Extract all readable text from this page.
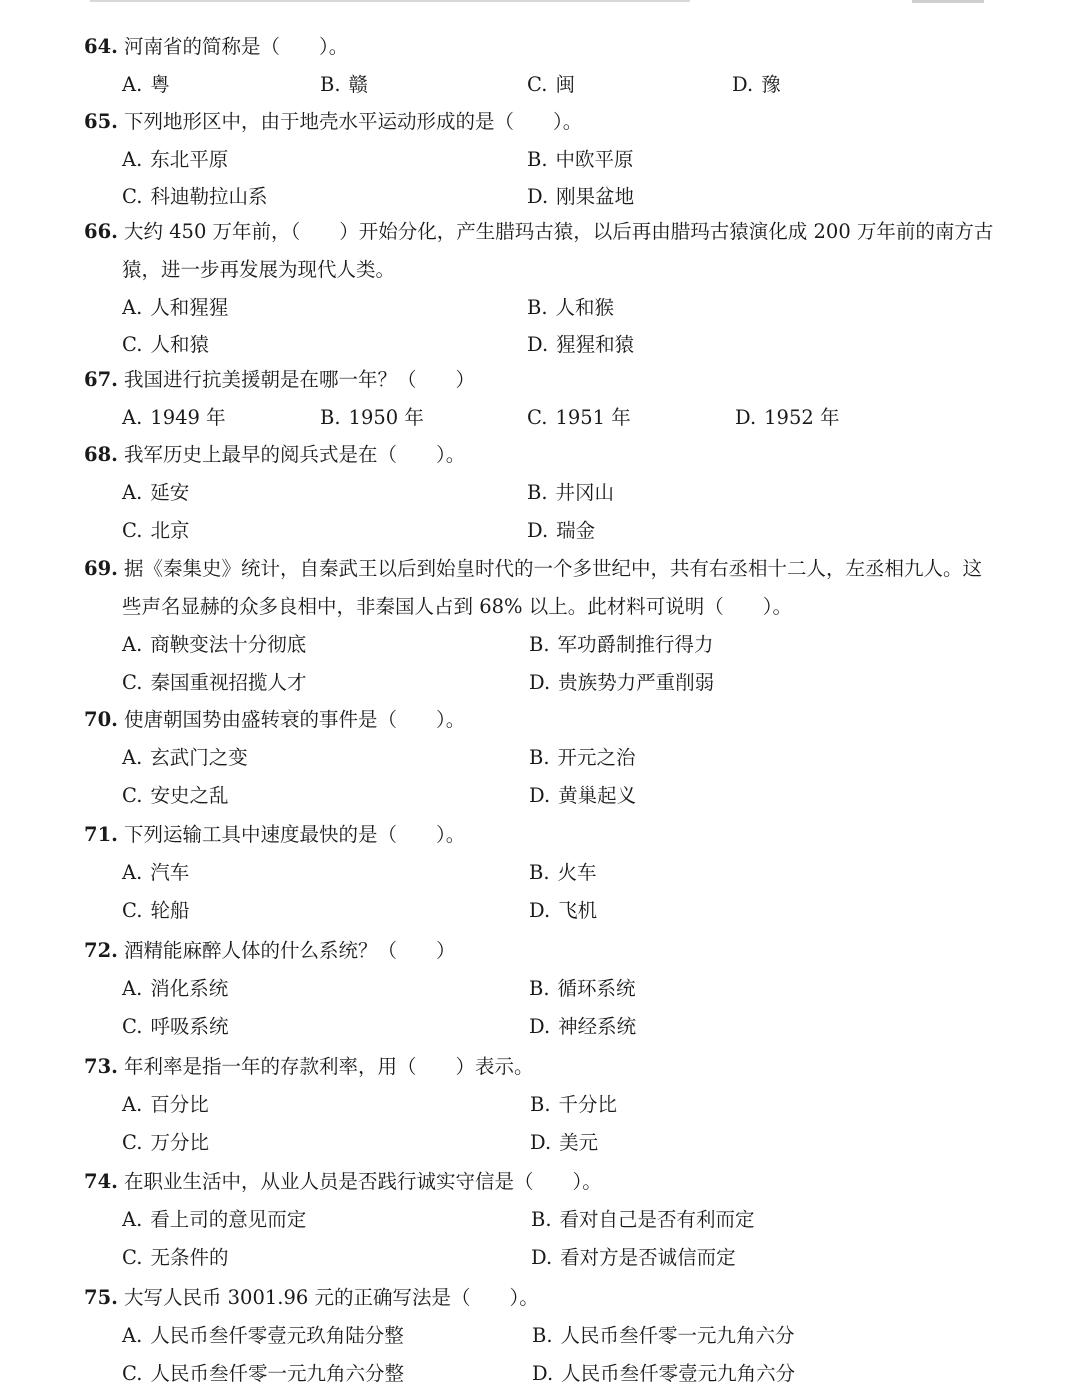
64. 河南省的简称是（　　）。

A. 粤	B. 赣	C. 闽	D. 豫

65. 下列地形区中，由于地壳水平运动形成的是（　　）。

A. 东北平原	B. 中欧平原
C. 科迪勒拉山系	D. 刚果盆地

66. 大约 450 万年前，（　　）开始分化，产生腊玛古猿，以后再由腊玛古猿演化成 200 万年前的南方古

猿，进一步再发展为现代人类。

A. 人和猩猩	B. 人和猴
C. 人和猿	D. 猩猩和猿

67. 我国进行抗美援朝是在哪一年？（　　）

A. 1949 年	B. 1950 年	C. 1951 年	D. 1952 年

68. 我军历史上最早的阅兵式是在（　　）。

A. 延安	B. 井冈山
C. 北京	D. 瑞金

69. 据《秦集史》统计，自秦武王以后到始皇时代的一个多世纪中，共有右丞相十二人，左丞相九人。这

些声名显赫的众多良相中，非秦国人占到 68% 以上。此材料可说明（　　）。

A. 商鞅变法十分彻底	B. 军功爵制推行得力
C. 秦国重视招揽人才	D. 贵族势力严重削弱

70. 使唐朝国势由盛转衰的事件是（　　）。

A. 玄武门之变	B. 开元之治
C. 安史之乱	D. 黄巢起义

71. 下列运输工具中速度最快的是（　　）。

A. 汽车	B. 火车
C. 轮船	D. 飞机

72. 酒精能麻醉人体的什么系统？（　　）

A. 消化系统	B. 循环系统
C. 呼吸系统	D. 神经系统

73. 年利率是指一年的存款利率，用（　　）表示。

A. 百分比	B. 千分比
C. 万分比	D. 美元

74. 在职业生活中，从业人员是否践行诚实守信是（　　）。

A. 看上司的意见而定	B. 看对自己是否有利而定
C. 无条件的	D. 看对方是否诚信而定

75. 大写人民币 3001.96 元的正确写法是（　　）。

A. 人民币叁仟零壹元玖角陆分整	B. 人民币叁仟零一元九角六分
C. 人民币叁仟零一元九角六分整	D. 人民币叁仟零壹元九角六分
